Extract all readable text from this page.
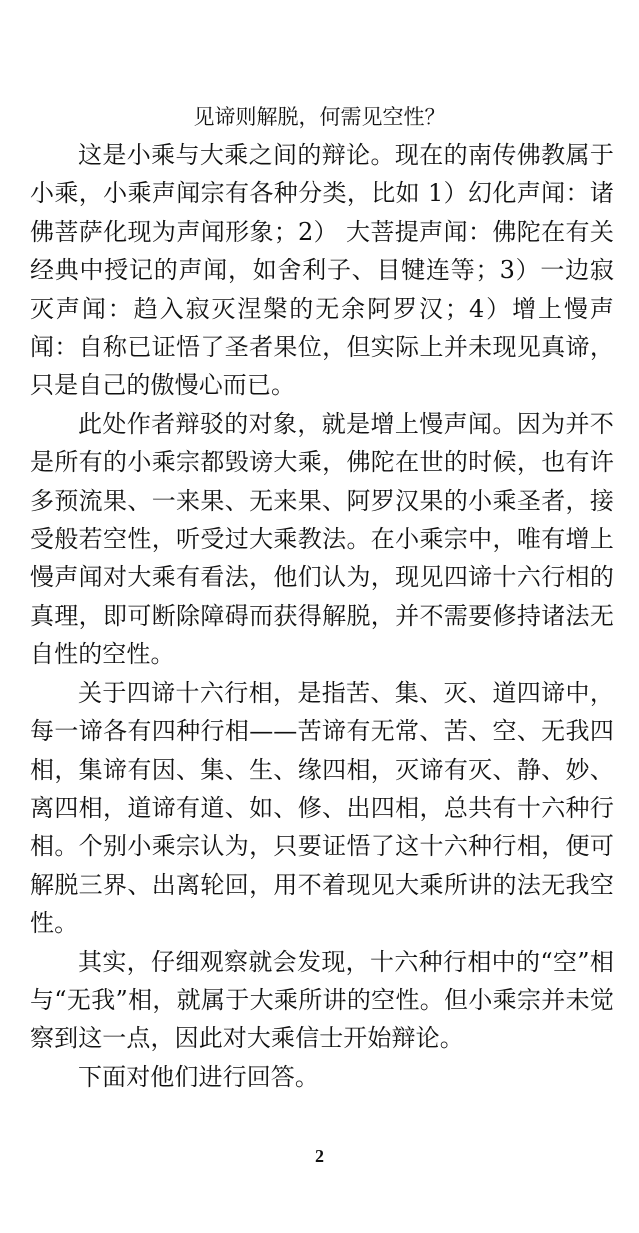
见谛则解脱，何需见空性？

这是小乘与大乘之间的辩论。现在的南传佛教属于小乘，小乘声闻宗有各种分类，比如 1）幻化声闻：诸佛菩萨化现为声闻形象；2） 大菩提声闻：佛陀在有关经典中授记的声闻，如舍利子、目犍连等；3）一边寂灭声闻：趋入寂灭涅槃的无余阿罗汉；4）增上慢声闻：自称已证悟了圣者果位，但实际上并未现见真谛，只是自己的傲慢心而已。

此处作者辩驳的对象，就是增上慢声闻。因为并不是所有的小乘宗都毁谤大乘，佛陀在世的时候，也有许多预流果、一来果、无来果、阿罗汉果的小乘圣者，接受般若空性，听受过大乘教法。在小乘宗中，唯有增上慢声闻对大乘有看法，他们认为，现见四谛十六行相的真理，即可断除障碍而获得解脱，并不需要修持诸法无自性的空性。

关于四谛十六行相，是指苦、集、灭、道四谛中，每一谛各有四种行相——苦谛有无常、苦、空、无我四相，集谛有因、集、生、缘四相，灭谛有灭、静、妙、离四相，道谛有道、如、修、出四相，总共有十六种行相。个别小乘宗认为，只要证悟了这十六种行相，便可解脱三界、出离轮回，用不着现见大乘所讲的法无我空性。

其实，仔细观察就会发现，十六种行相中的“空”相与“无我”相，就属于大乘所讲的空性。但小乘宗并未觉察到这一点，因此对大乘信士开始辩论。

下面对他们进行回答。

2
